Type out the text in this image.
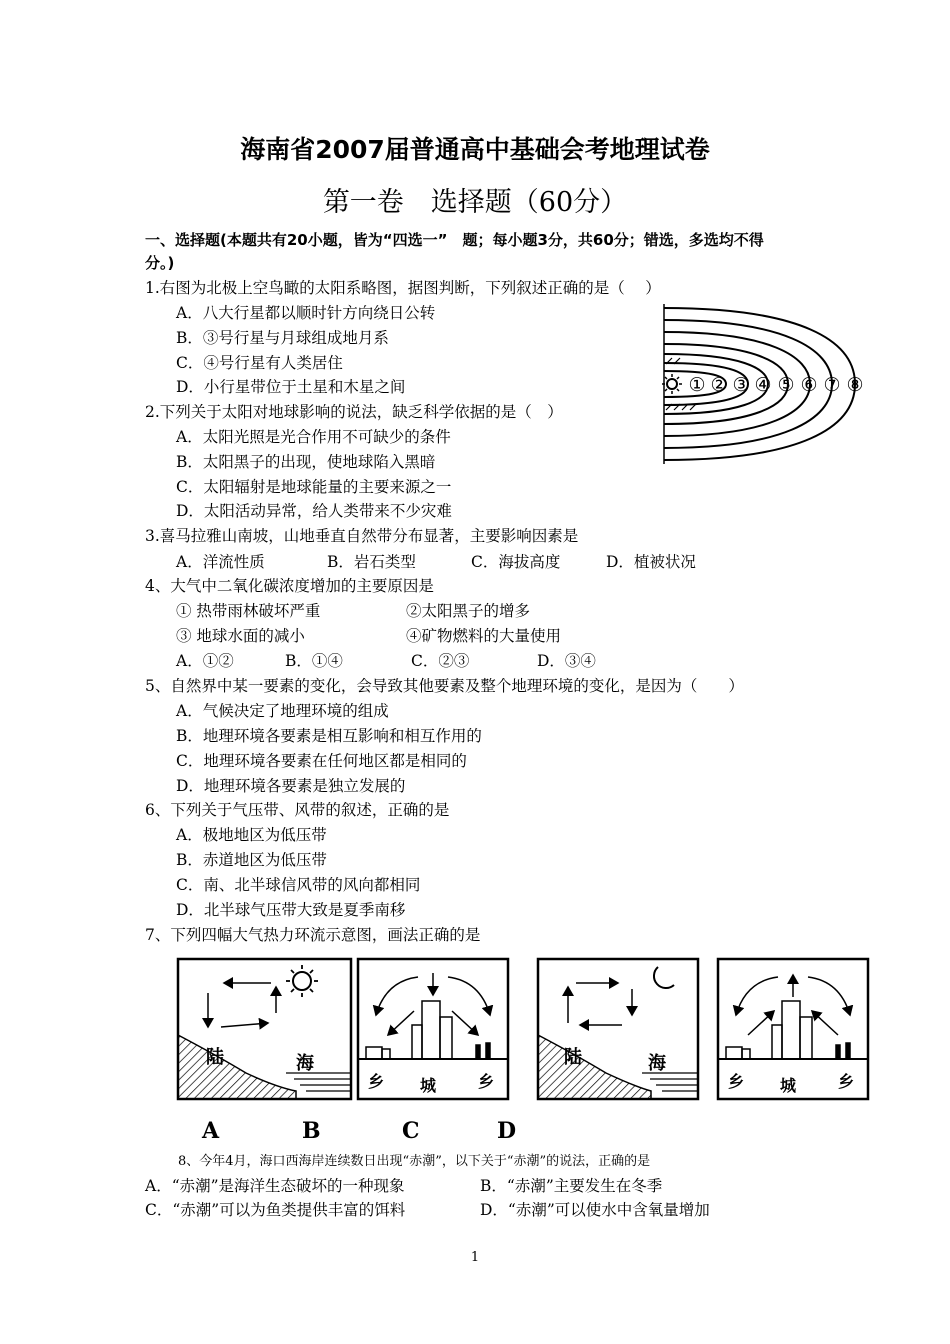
海南省2007届普通高中基础会考地理试卷
第一卷　选择题（60分）
一、选择题(本题共有20小题，皆为“四选一”　题；每小题3分，共60分；错选，多选均不得
分。)
1.右图为北极上空鸟瞰的太阳系略图，据图判断，下列叙述正确的是（　 ）
A．八大行星都以顺时针方向绕日公转
B．③号行星与月球组成地月系
C．④号行星有人类居住
D．小行星带位于土星和木星之间	① ② ③ ④ ⑤ ⑥ ⑦ ⑧
2.下列关于太阳对地球影响的说法，缺乏科学依据的是（　）
A．太阳光照是光合作用不可缺少的条件
B．太阳黑子的出现，使地球陷入黑暗
C．太阳辐射是地球能量的主要来源之一
D．太阳活动异常，给人类带来不少灾难
3.喜马拉雅山南坡，山地垂直自然带分布显著，主要影响因素是
A．洋流性质	B．岩石类型	C．海拔高度	D．植被状况
4、大气中二氧化碳浓度增加的主要原因是
① 热带雨林破坏严重	②太阳黑子的增多
③ 地球水面的减小	④矿物燃料的大量使用
A．①②	B．①④	C．②③	D．③④
5、自然界中某一要素的变化，会导致其他要素及整个地理环境的变化，是因为（　　）
A．气候决定了地理环境的组成
B．地理环境各要素是相互影响和相互作用的
C．地理环境各要素在任何地区都是相同的
D．地理环境各要素是独立发展的
6、下列关于气压带、风带的叙述，正确的是
A．极地地区为低压带
B．赤道地区为低压带
C．南、北半球信风带的风向都相同
D．北半球气压带大致是夏季南移
7、下列四幅大气热力环流示意图，画法正确的是
陆	海
乡 城	乡
陆	海
乡 城	乡
A	B	C	D
8、今年4月，海口西海岸连续数日出现“赤潮”，以下关于“赤潮”的说法，正确的是
A．“赤潮”是海洋生态破坏的一种现象	B．“赤潮”主要发生在冬季
C．“赤潮”可以为鱼类提供丰富的饵料	D．“赤潮”可以使水中含氧量增加
1
